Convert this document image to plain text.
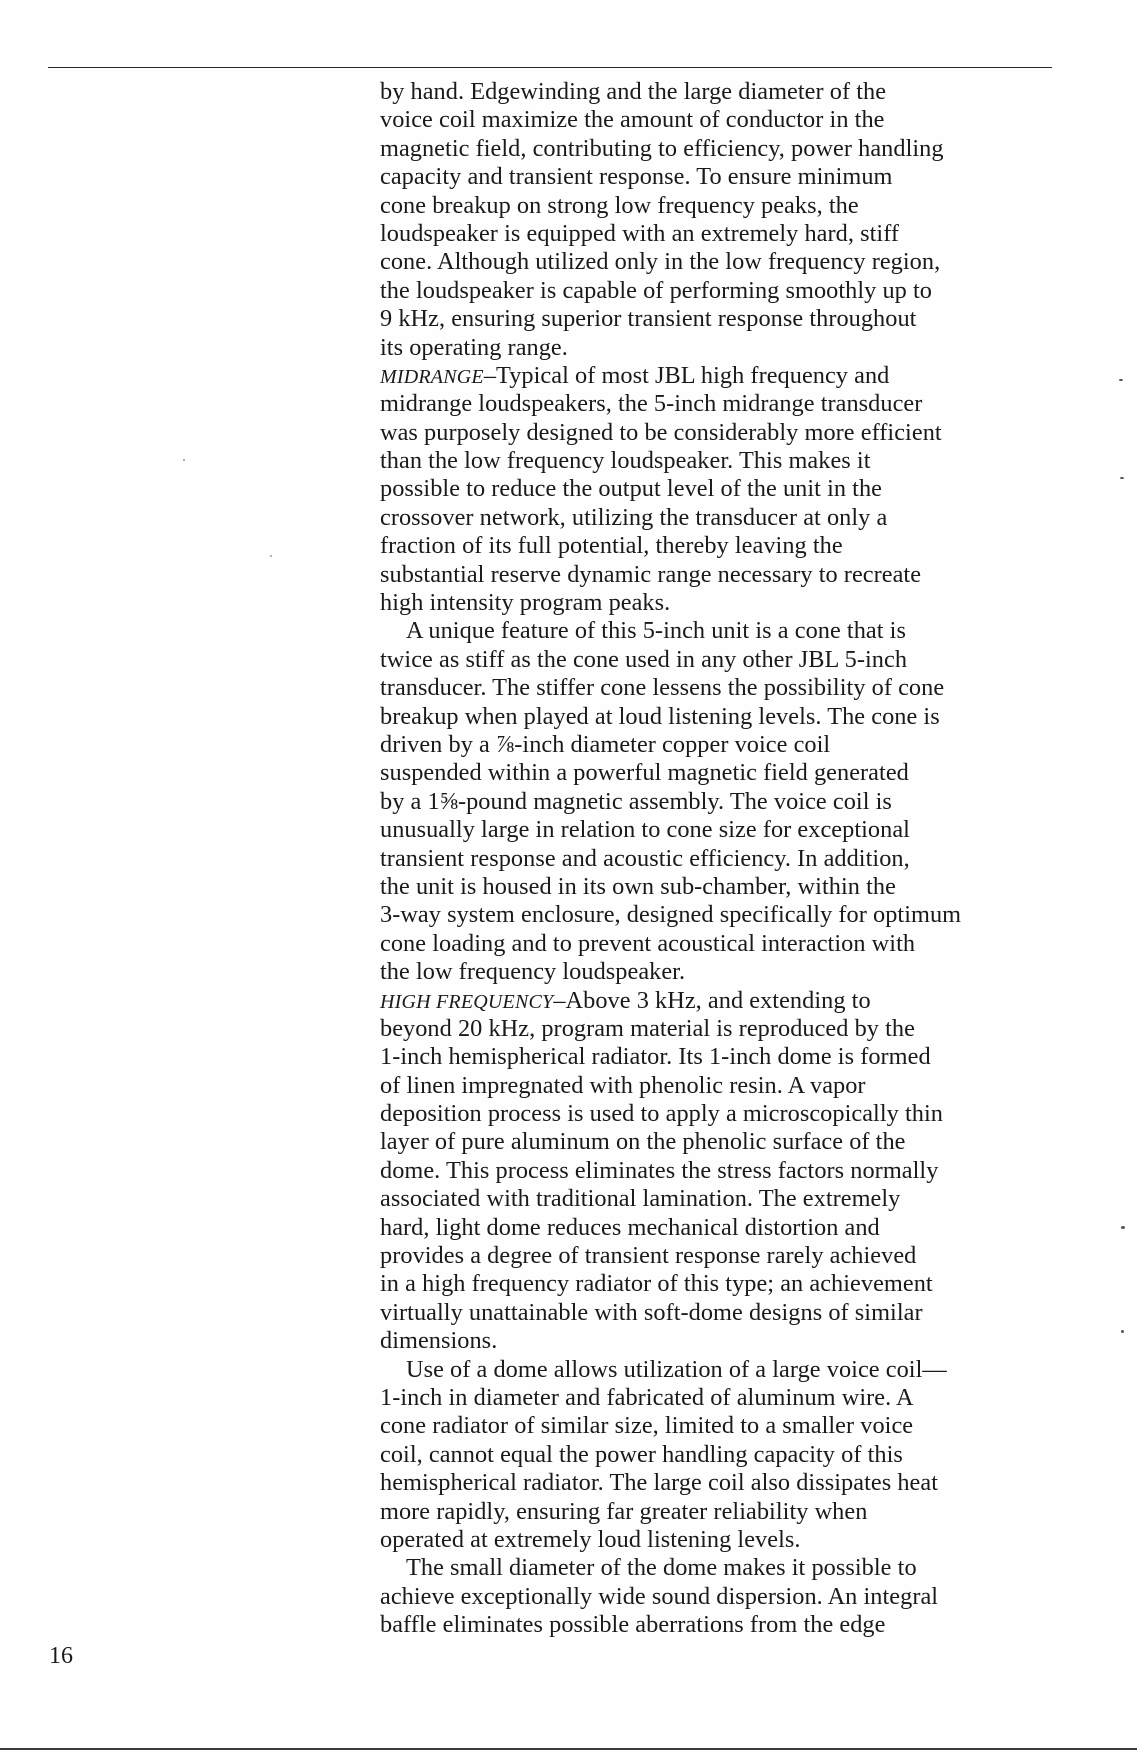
by hand. Edgewinding and the large diameter of the
voice coil maximize the amount of conductor in the
magnetic field, contributing to efficiency, power handling
capacity and transient response. To ensure minimum
cone breakup on strong low frequency peaks, the
loudspeaker is equipped with an extremely hard, stiff
cone. Although utilized only in the low frequency region,
the loudspeaker is capable of performing smoothly up to
9 kHz, ensuring superior transient response throughout
its operating range.
MIDRANGE–Typical of most JBL high frequency and
midrange loudspeakers, the 5-inch midrange transducer
was purposely designed to be considerably more efficient
than the low frequency loudspeaker. This makes it
possible to reduce the output level of the unit in the
crossover network, utilizing the transducer at only a
fraction of its full potential, thereby leaving the
substantial reserve dynamic range necessary to recreate
high intensity program peaks.
A unique feature of this 5-inch unit is a cone that is
twice as stiff as the cone used in any other JBL 5-inch
transducer. The stiffer cone lessens the possibility of cone
breakup when played at loud listening levels. The cone is
driven by a ⅞-inch diameter copper voice coil
suspended within a powerful magnetic field generated
by a 1⅝-pound magnetic assembly. The voice coil is
unusually large in relation to cone size for exceptional
transient response and acoustic efficiency. In addition,
the unit is housed in its own sub-chamber, within the
3-way system enclosure, designed specifically for optimum
cone loading and to prevent acoustical interaction with
the low frequency loudspeaker.
HIGH FREQUENCY–Above 3 kHz, and extending to
beyond 20 kHz, program material is reproduced by the
1-inch hemispherical radiator. Its 1-inch dome is formed
of linen impregnated with phenolic resin. A vapor
deposition process is used to apply a microscopically thin
layer of pure aluminum on the phenolic surface of the
dome. This process eliminates the stress factors normally
associated with traditional lamination. The extremely
hard, light dome reduces mechanical distortion and
provides a degree of transient response rarely achieved
in a high frequency radiator of this type; an achievement
virtually unattainable with soft-dome designs of similar
dimensions.
Use of a dome allows utilization of a large voice coil—
1-inch in diameter and fabricated of aluminum wire. A
cone radiator of similar size, limited to a smaller voice
coil, cannot equal the power handling capacity of this
hemispherical radiator. The large coil also dissipates heat
more rapidly, ensuring far greater reliability when
operated at extremely loud listening levels.
The small diameter of the dome makes it possible to
achieve exceptionally wide sound dispersion. An integral
baffle eliminates possible aberrations from the edge
16
